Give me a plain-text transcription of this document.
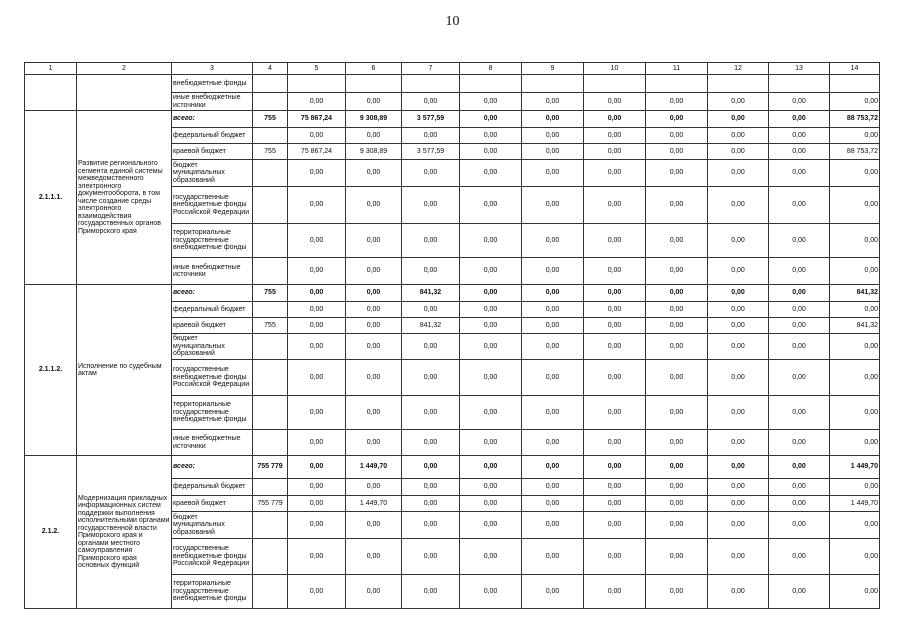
10
1	2	3	4	5	6	7	8	9	10	11	12	13	14
		внебюджетные фонды											
		иные внебюджетные источники		0,00	0,00	0,00	0,00	0,00	0,00	0,00	0,00	0,00	0,00
2.1.1.1.	Развитие регионального сегмента единой системы межведомственного электронного документооборота, в том числе создание среды электронного взаимодействия государственных органов Приморского края	всего:	755	75 867,24	9 308,89	3 577,59	0,00	0,00	0,00	0,00	0,00	0,00	88 753,72
		федеральный бюджет		0,00	0,00	0,00	0,00	0,00	0,00	0,00	0,00	0,00	0,00
		краевой бюджет	755	75 867,24	9 308,89	3 577,59	0,00	0,00	0,00	0,00	0,00	0,00	88 753,72
		бюджет муниципальных образований		0,00	0,00	0,00	0,00	0,00	0,00	0,00	0,00	0,00	0,00
		государственные внебюджетные фонды Российской Федерации		0,00	0,00	0,00	0,00	0,00	0,00	0,00	0,00	0,00	0,00
		территориальные государственные внебюджетные фонды		0,00	0,00	0,00	0,00	0,00	0,00	0,00	0,00	0,00	0,00
		иные внебюджетные источники		0,00	0,00	0,00	0,00	0,00	0,00	0,00	0,00	0,00	0,00
2.1.1.2.	Исполнение по судебным актам	всего:	755	0,00	0,00	841,32	0,00	0,00	0,00	0,00	0,00	0,00	841,32
		федеральный бюджет		0,00	0,00	0,00	0,00	0,00	0,00	0,00	0,00	0,00	0,00
		краевой бюджет	755	0,00	0,00	841,32	0,00	0,00	0,00	0,00	0,00	0,00	841,32
		бюджет муниципальных образований		0,00	0,00	0,00	0,00	0,00	0,00	0,00	0,00	0,00	0,00
		государственные внебюджетные фонды Российской Федерации		0,00	0,00	0,00	0,00	0,00	0,00	0,00	0,00	0,00	0,00
		территориальные государственные внебюджетные фонды		0,00	0,00	0,00	0,00	0,00	0,00	0,00	0,00	0,00	0,00
		иные внебюджетные источники		0,00	0,00	0,00	0,00	0,00	0,00	0,00	0,00	0,00	0,00
2.1.2.	Модернизация прикладных информационных систем поддержки выполнения исполнительными органами государственной власти Приморского края и органами местного самоуправления Приморского края основных функций	всего:	755 779	0,00	1 449,70	0,00	0,00	0,00	0,00	0,00	0,00	0,00	1 449,70
		федеральный бюджет		0,00	0,00	0,00	0,00	0,00	0,00	0,00	0,00	0,00	0,00
		краевой бюджет	755 779	0,00	1 449,70	0,00	0,00	0,00	0,00	0,00	0,00	0,00	1 449,70
		бюджет муниципальных образований		0,00	0,00	0,00	0,00	0,00	0,00	0,00	0,00	0,00	0,00
		государственные внебюджетные фонды Российской Федерации		0,00	0,00	0,00	0,00	0,00	0,00	0,00	0,00	0,00	0,00
		территориальные государственные внебюджетные фонды		0,00	0,00	0,00	0,00	0,00	0,00	0,00	0,00	0,00	0,00
